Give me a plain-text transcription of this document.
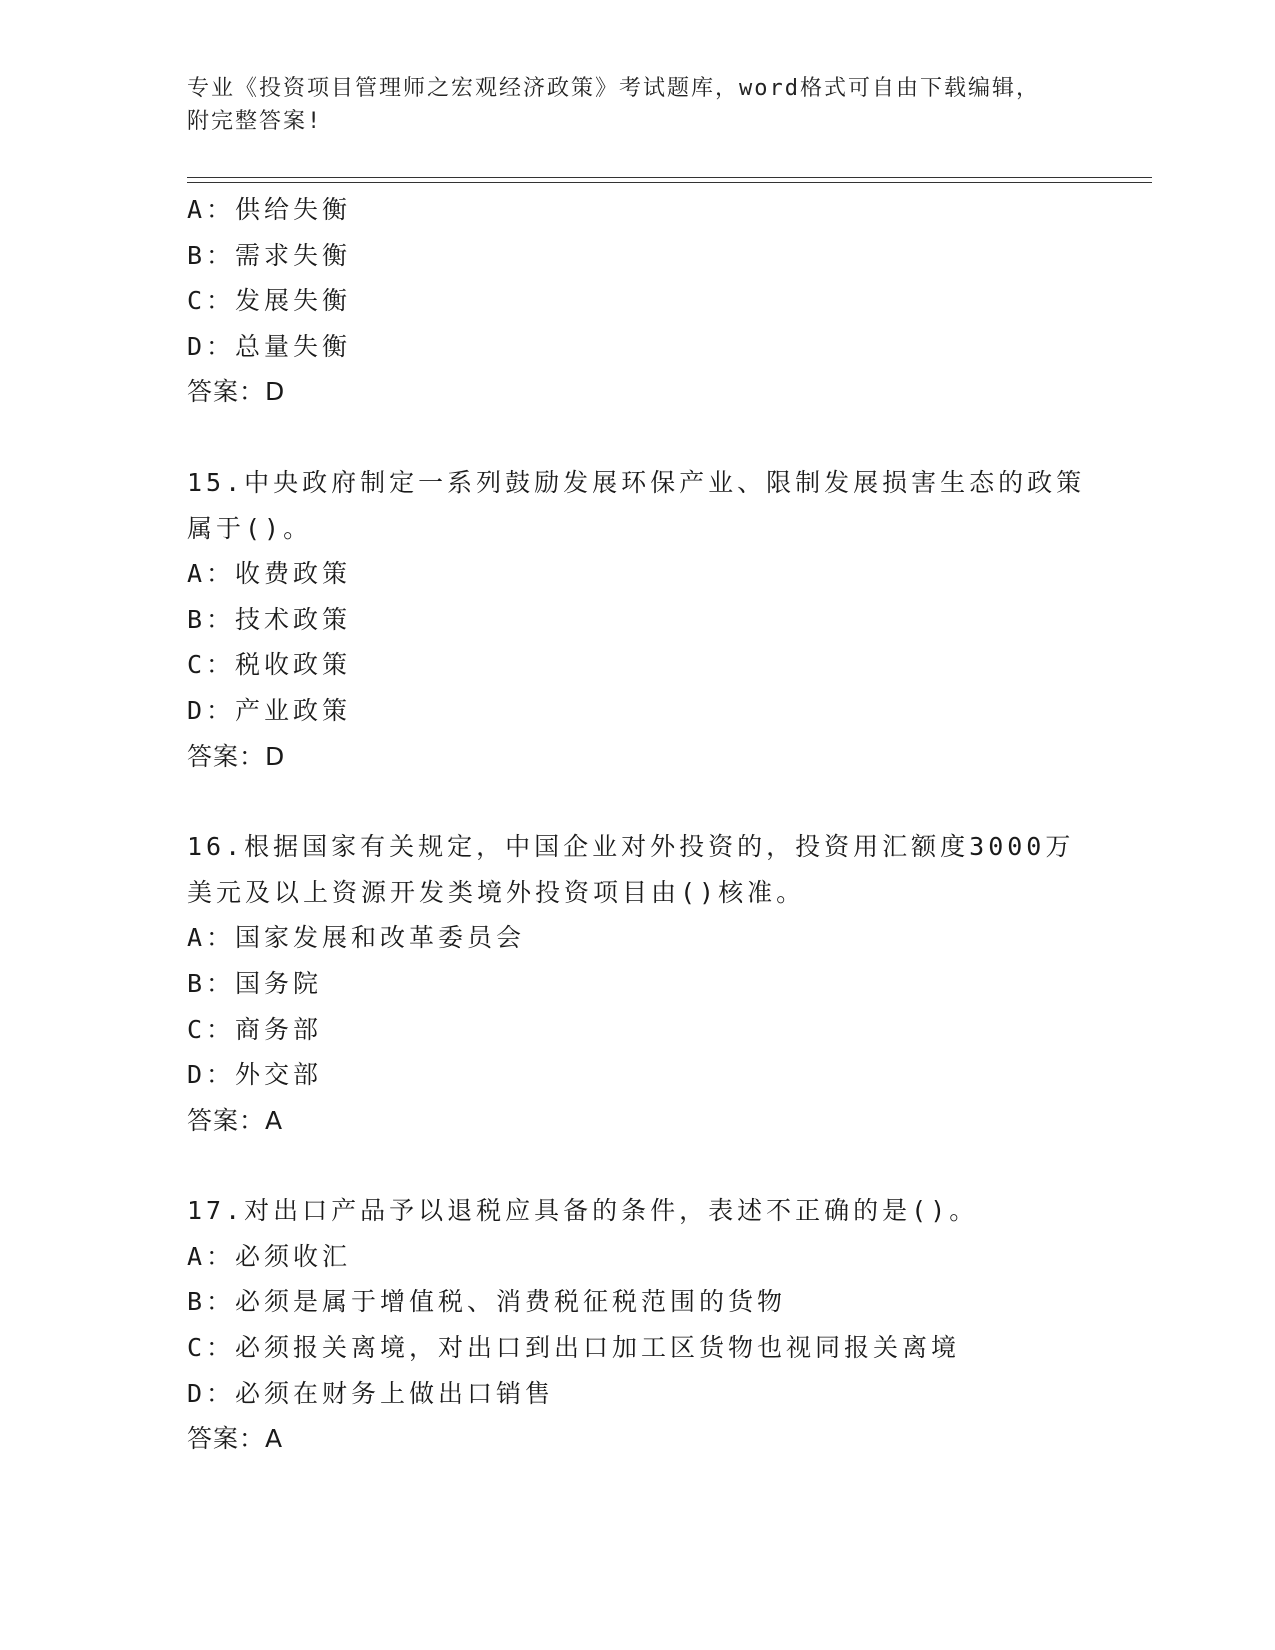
专业《投资项目管理师之宏观经济政策》考试题库，word格式可自由下载编辑，
附完整答案!
A：供给失衡
B：需求失衡
C：发展失衡
D：总量失衡
答案：D
15.中央政府制定一系列鼓励发展环保产业、限制发展损害生态的政策
属于()。
A：收费政策
B：技术政策
C：税收政策
D：产业政策
答案：D
16.根据国家有关规定，中国企业对外投资的，投资用汇额度3000万
美元及以上资源开发类境外投资项目由()核准。
A：国家发展和改革委员会
B：国务院
C：商务部
D：外交部
答案：A
17.对出口产品予以退税应具备的条件，表述不正确的是()。
A：必须收汇
B：必须是属于增值税、消费税征税范围的货物
C：必须报关离境，对出口到出口加工区货物也视同报关离境
D：必须在财务上做出口销售
答案：A
